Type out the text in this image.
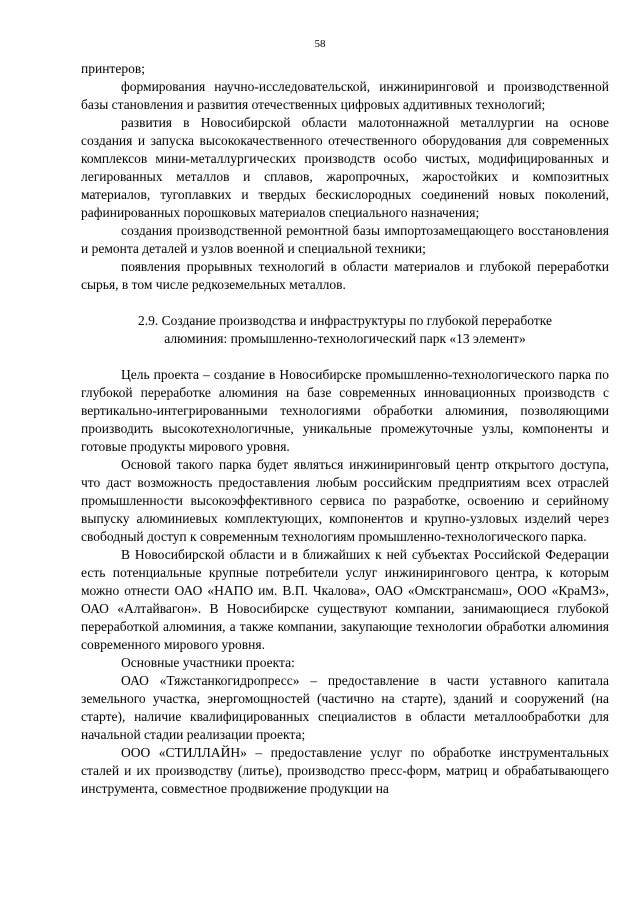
58

принтеров;

формирования научно-исследовательской, инжиниринговой и производственной базы становления и развития отечественных цифровых аддитивных технологий;

развития в Новосибирской области малотоннажной металлургии на основе создания и запуска высококачественного отечественного оборудования для современных комплексов мини-металлургических производств особо чистых, модифицированных и легированных металлов и сплавов, жаропрочных, жаростойких и композитных материалов, тугоплавких и твердых бескислородных соединений новых поколений, рафинированных порошковых материалов специального назначения;

создания производственной ремонтной базы импортозамещающего восстановления и ремонта деталей и узлов военной и специальной техники;

появления прорывных технологий в области материалов и глубокой переработки сырья, в том числе редкоземельных металлов.

2.9. Создание производства и инфраструктуры по глубокой переработке

алюминия: промышленно-технологический парк «13 элемент»

Цель проекта – создание в Новосибирске промышленно-технологического парка по глубокой переработке алюминия на базе современных инновационных производств с вертикально-интегрированными технологиями обработки алюминия, позволяющими производить высокотехнологичные, уникальные промежуточные узлы, компоненты и готовые продукты мирового уровня.

Основой такого парка будет являться инжиниринговый центр открытого доступа, что даст возможность предоставления любым российским предприятиям всех отраслей промышленности высокоэффективного сервиса по разработке, освоению и серийному выпуску алюминиевых комплектующих, компонентов и крупно-узловых изделий через свободный доступ к современным технологиям промышленно-технологического парка.

В Новосибирской области и в ближайших к ней субъектах Российской Федерации есть потенциальные крупные потребители услуг инжинирингового центра, к которым можно отнести ОАО «НАПО им. В.П. Чкалова», ОАО «Омсктрансмаш», ООО «КраМЗ», ОАО «Алтайвагон». В Новосибирске существуют компании, занимающиеся глубокой переработкой алюминия, а также компании, закупающие технологии обработки алюминия современного мирового уровня.

Основные участники проекта:

ОАО «Тяжстанкогидропресс» – предоставление в части уставного капитала земельного участка, энергомощностей (частично на старте), зданий и сооружений (на старте), наличие квалифицированных специалистов в области металлообработки для начальной стадии реализации проекта;

ООО «СТИЛЛАЙН» – предоставление услуг по обработке инструментальных сталей и их производству (литье), производство пресс-форм, матриц и обрабатывающего инструмента, совместное продвижение продукции на
